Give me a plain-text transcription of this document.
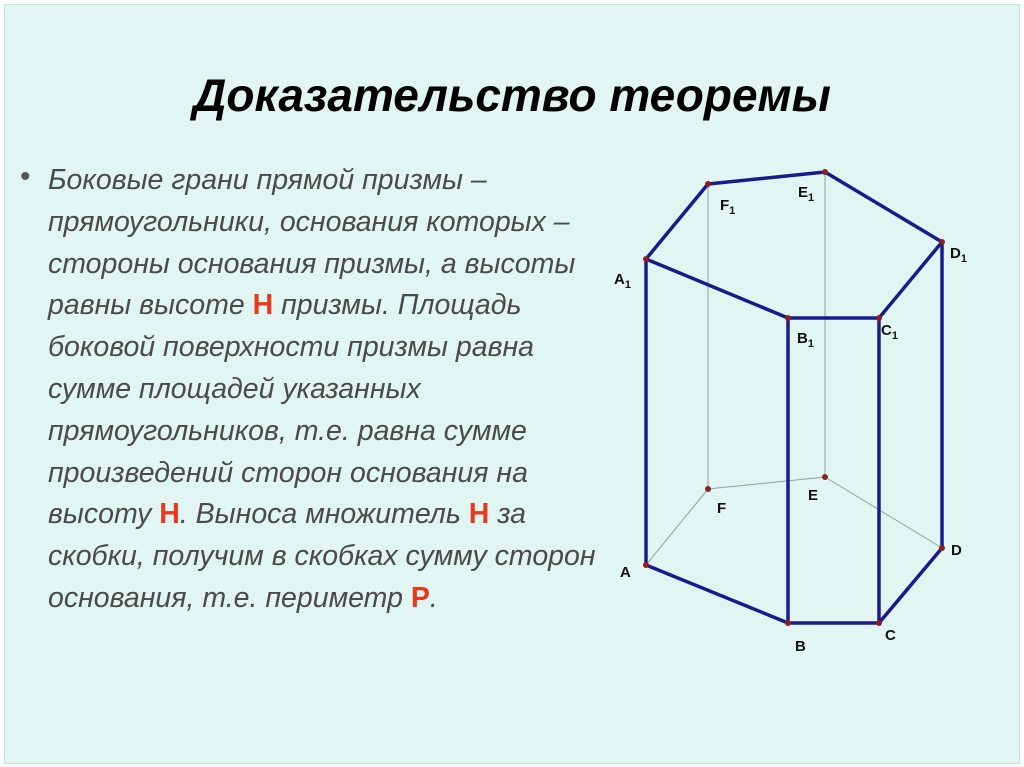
Доказательство теоремы
• Боковые грани прямой призмы – прямоугольники, основания которых – стороны основания призмы, а высоты равны высоте Н призмы. Площадь боковой поверхности призмы равна сумме площадей указанных прямоугольников, т.е. равна сумме произведений сторон основания на высоту Н. Выноса множитель Н за скобки, получим в скобках сумму сторон основания, т.е. периметр Р.

A
B
C
D
E
F
$A_1$
$B_1$
$C_1$
$D_1$
$E_1$
$F_1$
